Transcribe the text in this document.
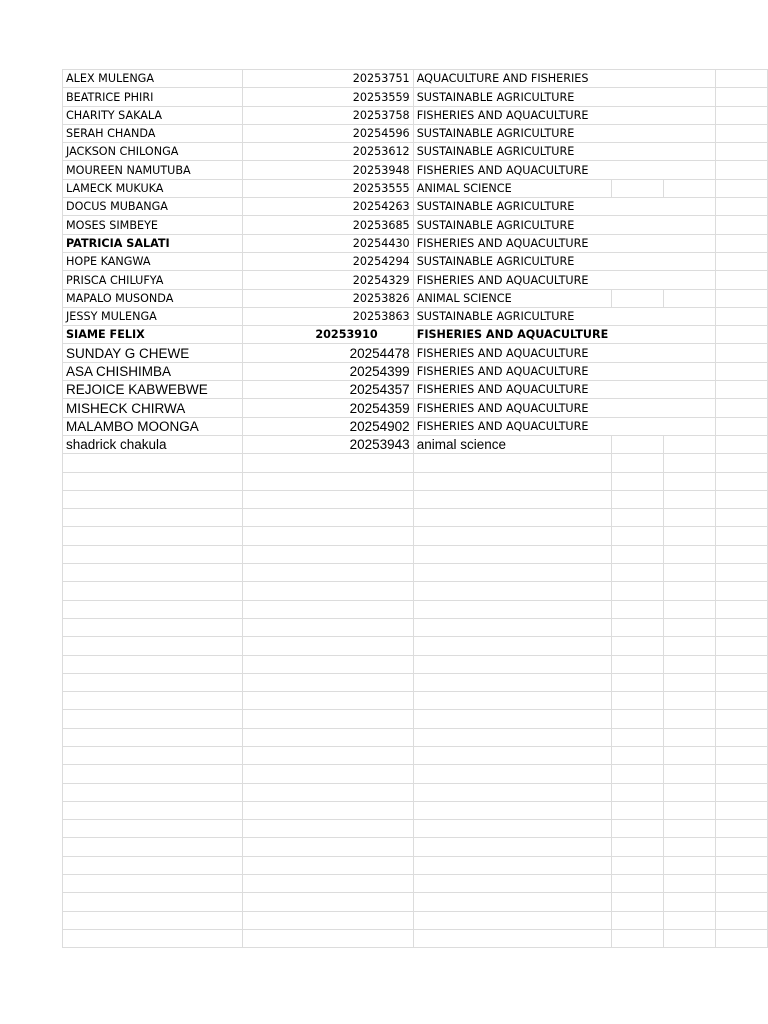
ALEX MULENGA	20253751	AQUACULTURE AND FISHERIES			
BEATRICE PHIRI	20253559	SUSTAINABLE AGRICULTURE			
CHARITY SAKALA	20253758	FISHERIES AND AQUACULTURE			
SERAH CHANDA	20254596	SUSTAINABLE AGRICULTURE			
JACKSON CHILONGA	20253612	SUSTAINABLE AGRICULTURE			
MOUREEN NAMUTUBA	20253948	FISHERIES AND AQUACULTURE			
LAMECK MUKUKA	20253555	ANIMAL SCIENCE			
DOCUS MUBANGA	20254263	SUSTAINABLE AGRICULTURE			
MOSES SIMBEYE	20253685	SUSTAINABLE AGRICULTURE			
PATRICIA SALATI	20254430	FISHERIES AND AQUACULTURE			
HOPE KANGWA	20254294	SUSTAINABLE AGRICULTURE			
PRISCA CHILUFYA	20254329	FISHERIES AND AQUACULTURE			
MAPALO MUSONDA	20253826	ANIMAL SCIENCE			
JESSY MULENGA	20253863	SUSTAINABLE AGRICULTURE			
SIAME FELIX	20253910	FISHERIES AND AQUACULTURE			
SUNDAY G CHEWE	20254478	FISHERIES AND AQUACULTURE			
ASA CHISHIMBA	20254399	FISHERIES AND AQUACULTURE			
REJOICE KABWEBWE	20254357	FISHERIES AND AQUACULTURE			
MISHECK CHIRWA	20254359	FISHERIES AND AQUACULTURE			
MALAMBO MOONGA	20254902	FISHERIES AND AQUACULTURE			
shadrick chakula	20253943	animal science			
